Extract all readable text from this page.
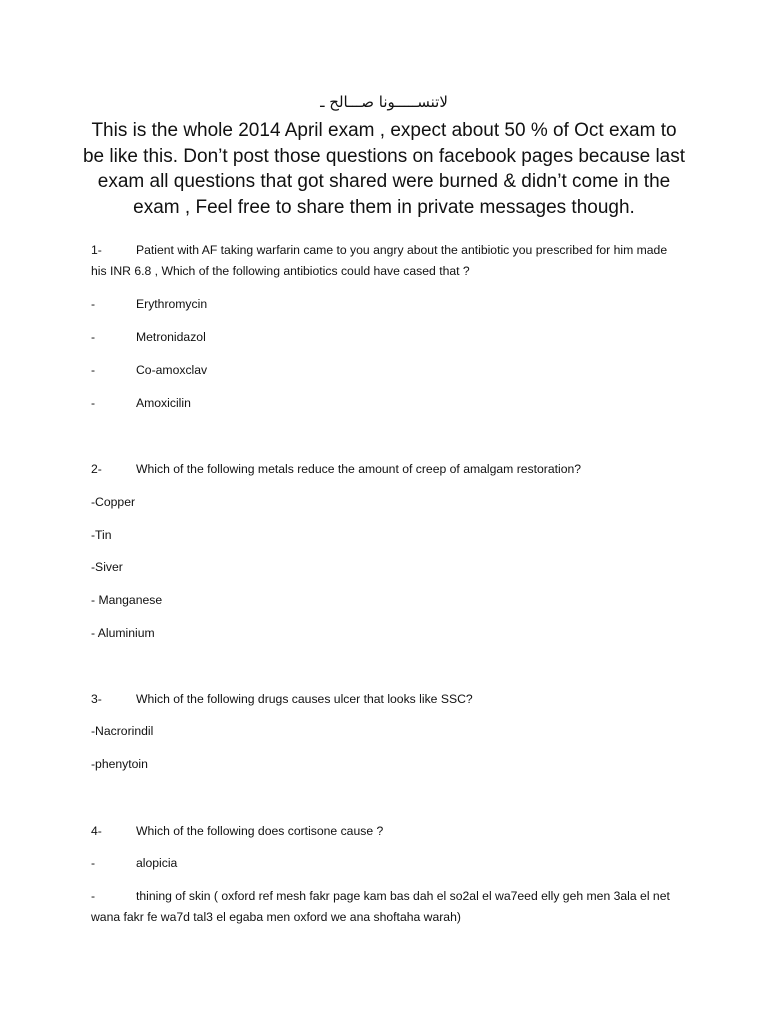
لاتنســـــونا صـــالح ـ
This is the whole 2014 April exam , expect about 50 % of Oct exam to be like this. Don’t post those questions on facebook pages because last exam all questions that got shared were burned & didn’t come in the exam , Feel free to share them in private messages though.
1-	Patient with AF taking warfarin came to you angry about the antibiotic you prescribed for him made his INR 6.8 , Which of the following antibiotics could have cased that ?
-	Erythromycin
-	Metronidazol
-	Co-amoxclav
-	Amoxicilin
2-	Which of the following metals reduce the amount of creep of amalgam restoration?
-Copper
-Tin
-Siver
- Manganese
- Aluminium
3-	Which of the following drugs causes ulcer that looks like SSC?
-Nacrorindil
-phenytoin
4-	Which of the following does cortisone cause ?
-	alopicia
-	thining of skin ( oxford ref mesh fakr page kam bas dah el so2al el wa7eed elly geh men 3ala el net wana fakr fe wa7d tal3 el egaba men oxford we ana shoftaha warah)
